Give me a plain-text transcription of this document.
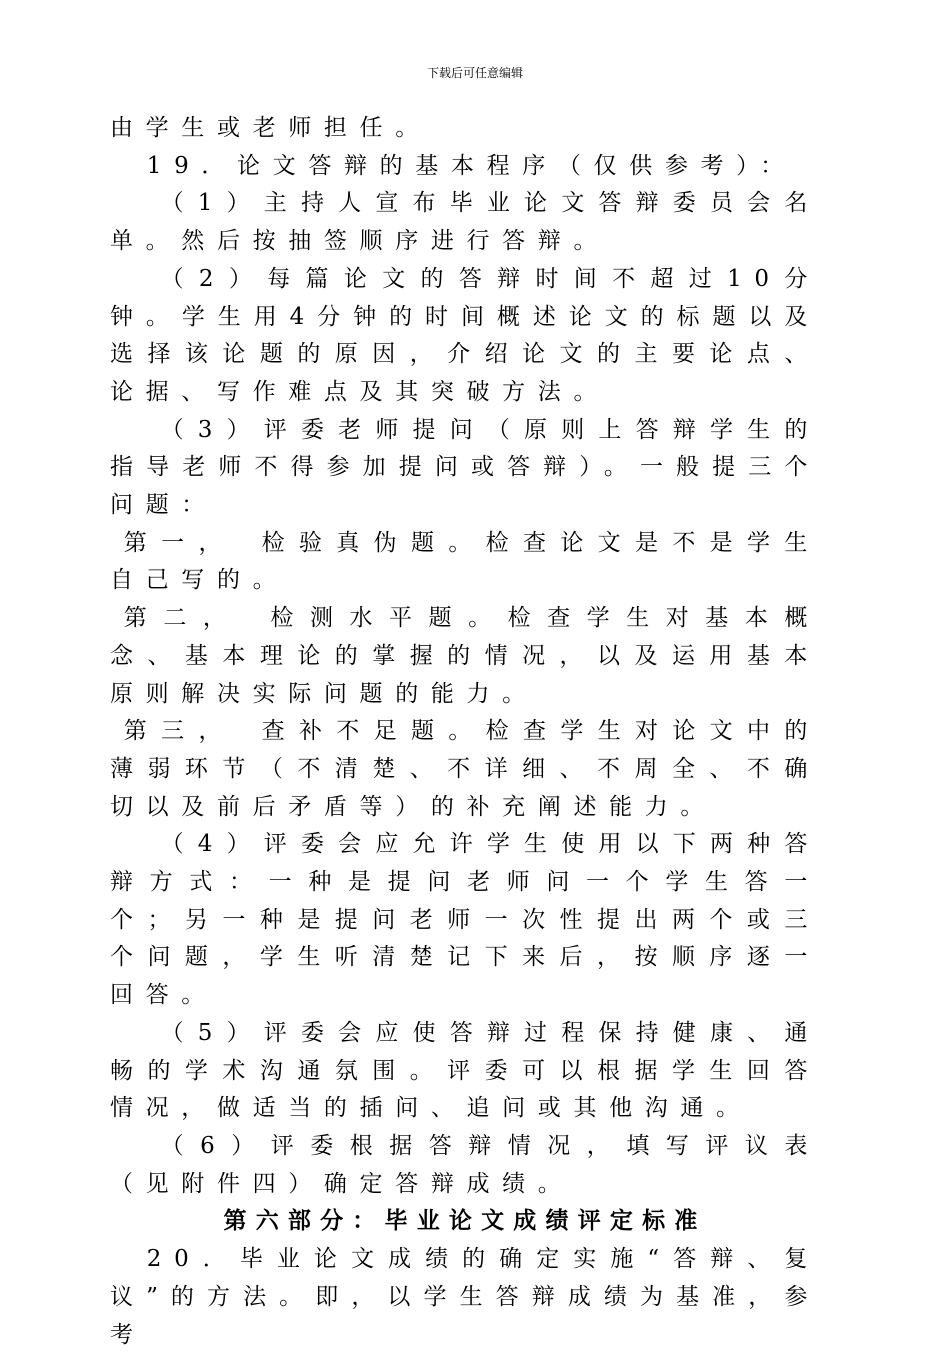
下载后可任意编辑

由学生或老师担任。

19．论文答辩的基本程序（仅供参考）：

（1）主持人宣布毕业论文答辩委员会名单。然后按抽签顺序进行答辩。

（2）每篇论文的答辩时间不超过10分钟。学生用4分钟的时间概述论文的标题以及选择该论题的原因，介绍论文的主要论点、论据、写作难点及其突破方法。

（3）评委老师提问（原则上答辩学生的指导老师不得参加提问或答辩）。一般提三个问题：

第一，　检验真伪题。检查论文是不是学生自己写的。

第二，　检测水平题。检查学生对基本概念、基本理论的掌握的情况，以及运用基本原则解决实际问题的能力。

第三，　查补不足题。检查学生对论文中的薄弱环节（不清楚、不详细、不周全、不确切以及前后矛盾等）的补充阐述能力。

（4）评委会应允许学生使用以下两种答辩方式：一种是提问老师问一个学生答一个；另一种是提问老师一次性提出两个或三个问题，学生听清楚记下来后，按顺序逐一回答。

（5）评委会应使答辩过程保持健康、通畅的学术沟通氛围。评委可以根据学生回答情况，做适当的插问、追问或其他沟通。

（6）评委根据答辩情况，填写评议表（见附件四）确定答辩成绩。

第六部分：毕业论文成绩评定标准

20．毕业论文成绩的确定实施“答辩、复议”的方法。即，以学生答辩成绩为基准，参考
